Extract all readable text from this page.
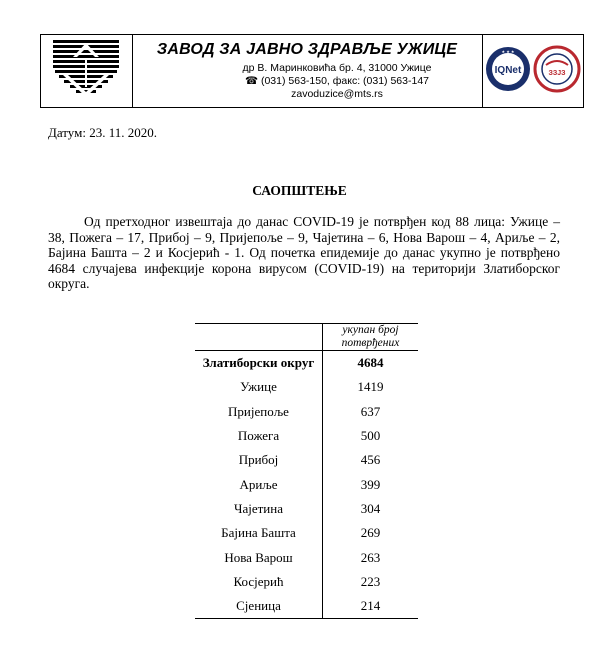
ЗАВОД ЗА ЈАВНО ЗДРАВЉЕ УЖИЦЕ
др В. Маринковића бр. 4, 31000 Ужице
☎ (031) 563-150, факс: (031) 563-147
zavoduzice@mts.rs
IQNet
★ ★ ★
ЗЗЈЗ
Датум: 23. 11. 2020.
САОПШТЕЊЕ
Од претходног извештаја до данас COVID-19 је потврђен код 88 лица: Ужице – 38, Пожега – 17, Прибој – 9, Пријепоље – 9, Чајетина – 6, Нова Варош – 4, Ариље – 2, Бајина Башта – 2 и Косјерић - 1. Од почетка епидемије до данас укупно је потврђено 4684 случајева инфекције корона вирусом (COVID-19) на територији Златиборског округа.

	укупан број потврђених

Златиборски округ	4684
Ужице	1419
Пријепоље	637
Пожега	500
Прибој	456
Ариље	399
Чајетина	304
Бајина Башта	269
Нова Варош	263
Косјерић	223
Сјеница	214
